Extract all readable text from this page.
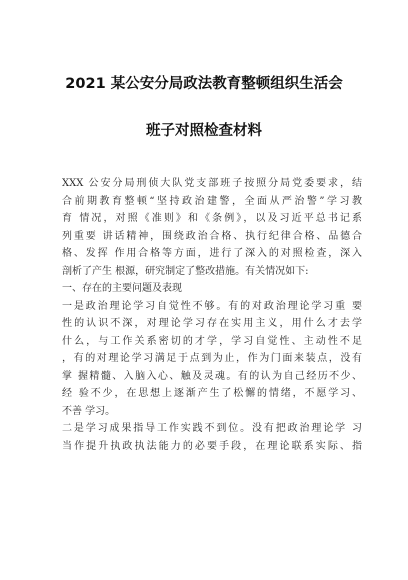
2021 某公安分局政法教育整顿组织生活会
班子对照检查材料
XXX 公安分局刑侦大队党支部班子按照分局党委要求，结
合前期教育整顿“坚持政治建警，全面从严治警”学习教
育 情况，对照《准则》和《条例》，以及习近平总书记系
列重要 讲话精神，围绕政治合格、执行纪律合格、品德合
格、发挥 作用合格等方面，进行了深入的对照检查，深入
剖析了产生 根源，研究制定了整改措施。有关情况如下:
一、存在的主要问题及表现
一是政治理论学习自觉性不够。有的对政治理论学习重 要
性的认识不深，对理论学习存在实用主义，用什么才去学
什么，与工作关系密切的才学，学习自觉性、主动性不足
，有的对理论学习满足于点到为止，作为门面来装点，没有
掌 握精髓、入脑入心、触及灵魂。有的认为自己经历不少、
经 验不少，在思想上逐渐产生了松懈的情绪，不愿学习、
不善 学习。
二是学习成果指导工作实践不到位。没有把政治理论学 习
当作提升执政执法能力的必要手段，在理论联系实际、指
